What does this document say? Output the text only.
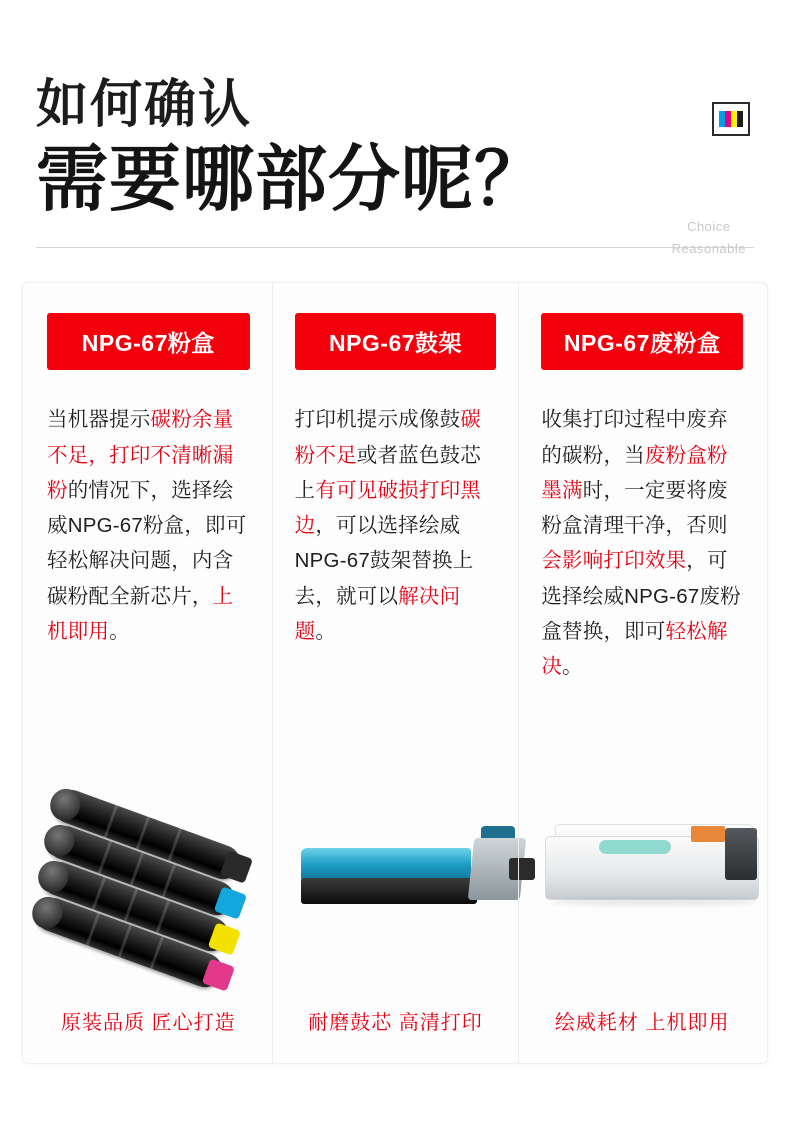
如何确认
需要哪部分呢？
Choice
Reasonable
NPG-67粉盒
当机器提示碳粉余量不足，打印不清晰漏粉的情况下，选择绘威NPG-67粉盒，即可轻松解决问题，内含碳粉配全新芯片，上机即用。
原装品质 匠心打造
NPG-67鼓架
打印机提示成像鼓碳粉不足或者蓝色鼓芯上有可见破损打印黑边，可以选择绘威NPG-67鼓架替换上去，就可以解决问题。
耐磨鼓芯 高清打印
NPG-67废粉盒
收集打印过程中废弃的碳粉，当废粉盒粉墨满时，一定要将废粉盒清理干净，否则会影响打印效果，可选择绘威NPG-67废粉盒替换，即可轻松解决。
绘威耗材 上机即用
